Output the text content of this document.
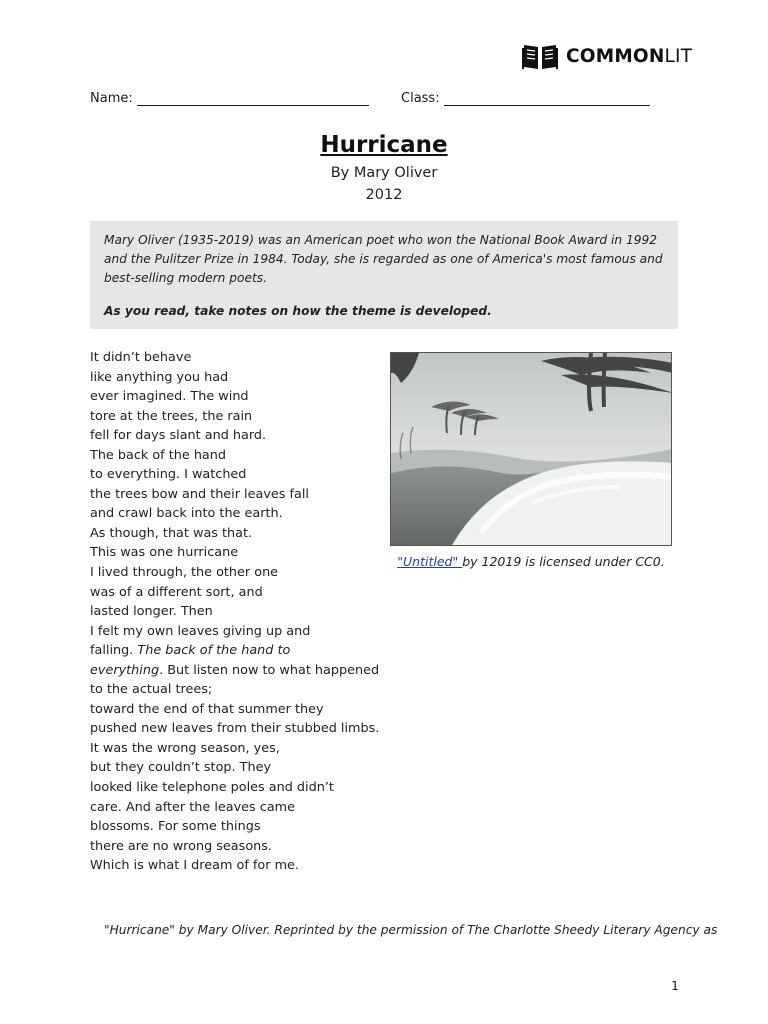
COMMONLIT
Name:	Class:
Hurricane
By Mary Oliver
2012

Mary Oliver (1935-2019) was an American poet who won the National Book Award in 1992 and the Pulitzer Prize in 1984. Today, she is regarded as one of America's most famous and best-selling modern poets.

As you read, take notes on how the theme is developed.

It didn’t behave
like anything you had
ever imagined. The wind
tore at the trees, the rain
fell for days slant and hard.
The back of the hand
to everything. I watched
the trees bow and their leaves fall
and crawl back into the earth.
As though, that was that.
This was one hurricane
I lived through, the other one
was of a different sort, and
lasted longer. Then
I felt my own leaves giving up and
falling. The back of the hand to
everything. But listen now to what happened
to the actual trees;
toward the end of that summer they
pushed new leaves from their stubbed limbs.
It was the wrong season, yes,
but they couldn’t stop. They
looked like telephone poles and didn’t
care. And after the leaves came
blossoms. For some things
there are no wrong seasons.
Which is what I dream of for me.
"Untitled" by 12019 is licensed under CC0.
"Hurricane" by Mary Oliver. Reprinted by the permission of The Charlotte Sheedy Literary Agency as
1
